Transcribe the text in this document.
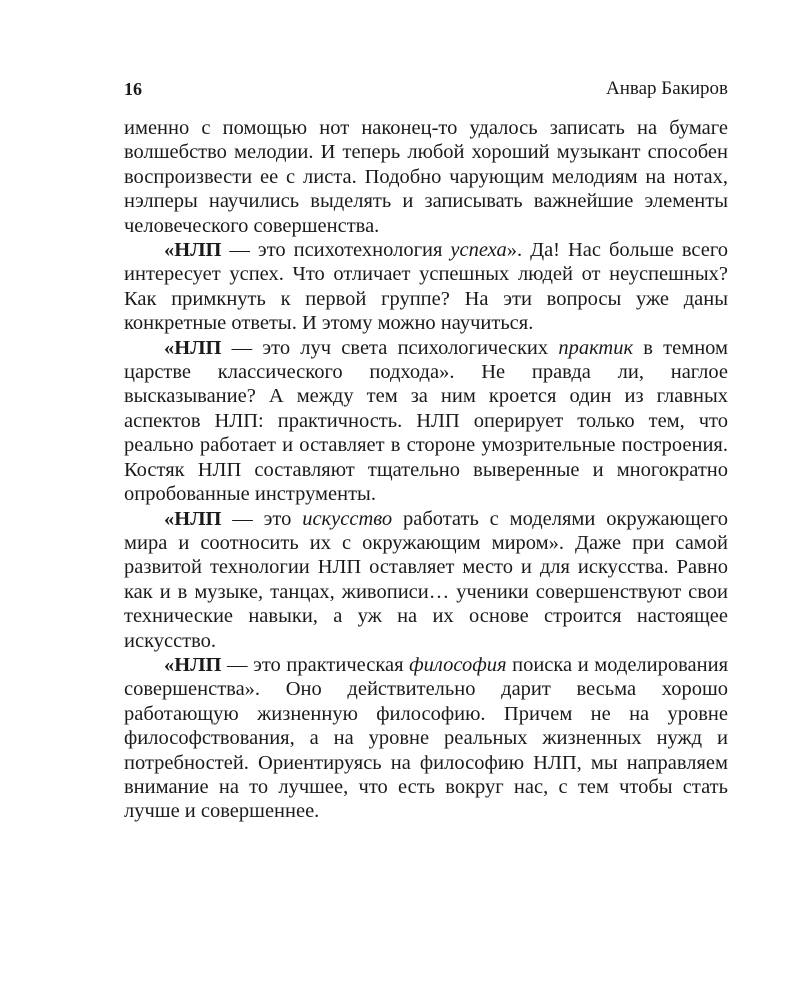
16	Анвар Бакиров

именно с помощью нот наконец-то удалось записать на бумаге волшебство мелодии. И теперь любой хороший музыкант способен воспроизвести ее с листа. Подобно чарующим мелодиям на нотах, нэлперы научились выделять и записывать важнейшие элементы человеческого совершенства.

«НЛП — это психотехнология успеха». Да! Нас больше всего интересует успех. Что отличает успешных людей от неуспешных? Как примкнуть к первой группе? На эти вопросы уже даны конкретные ответы. И этому можно научиться.

«НЛП — это луч света психологических практик в темном царстве классического подхода». Не правда ли, наглое высказывание? А между тем за ним кроется один из главных аспектов НЛП: практичность. НЛП оперирует только тем, что реально работает и оставляет в стороне умозрительные построения. Костяк НЛП составляют тщательно выверенные и многократно опробованные инструменты.

«НЛП — это искусство работать с моделями окружающего мира и соотносить их с окружающим миром». Даже при самой развитой технологии НЛП оставляет место и для искусства. Равно как и в музыке, танцах, живописи… ученики совершенствуют свои технические навыки, а уж на их основе строится настоящее искусство.

«НЛП — это практическая философия поиска и моделирования совершенства». Оно действительно дарит весьма хорошо работающую жизненную философию. Причем не на уровне философствования, а на уровне реальных жизненных нужд и потребностей. Ориентируясь на философию НЛП, мы направляем внимание на то лучшее, что есть вокруг нас, с тем чтобы стать лучше и совершеннее.
